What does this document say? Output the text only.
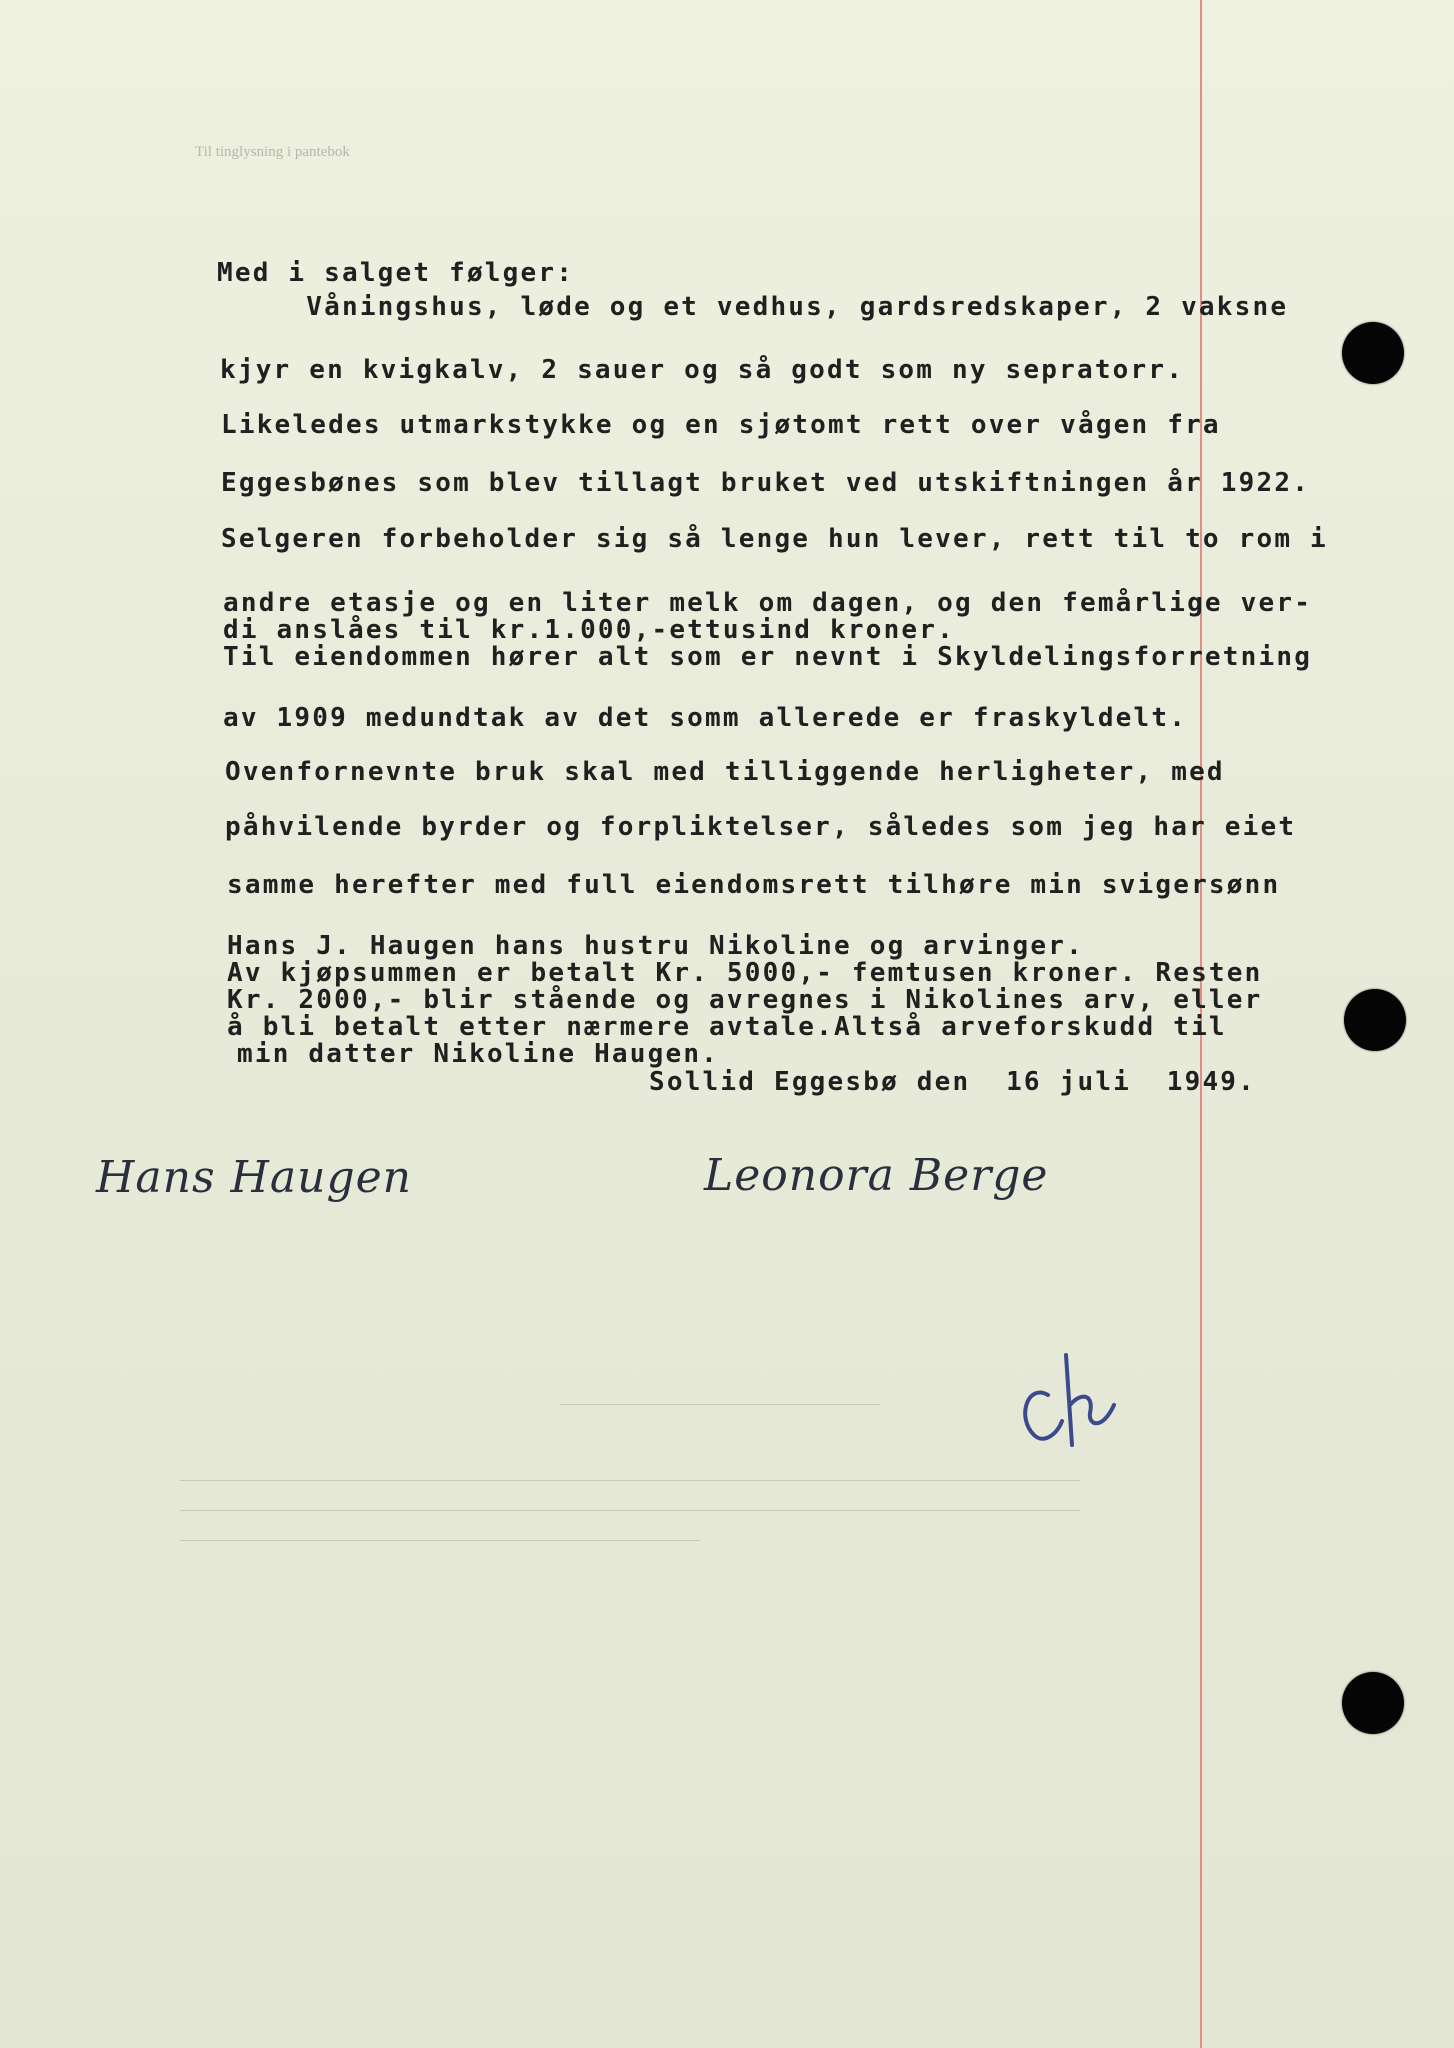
Til tinglysning i pantebok
Med i salget følger:
Våningshus, løde og et vedhus, gardsredskaper, 2 vaksne
kjyr en kvigkalv, 2 sauer og så godt som ny sepratorr.
Likeledes utmarkstykke og en sjøtomt rett over vågen fra
Eggesbønes som blev tillagt bruket ved utskiftningen år 1922.
Selgeren forbeholder sig så lenge hun lever, rett til to rom i
andre etasje og en liter melk om dagen, og den femårlige ver-
di anslåes til kr.1.000,-ettusind kroner.
Til eiendommen hører alt som er nevnt i Skyldelingsforretning
av 1909 medundtak av det somm allerede er fraskyldelt.
Ovenfornevnte bruk skal med tilliggende herligheter, med
påhvilende byrder og forpliktelser, således som jeg har eiet
samme herefter med full eiendomsrett tilhøre min svigersønn
Hans J. Haugen hans hustru Nikoline og arvinger.
Av kjøpsummen er betalt Kr. 5000,- femtusen kroner. Resten
Kr. 2000,- blir stående og avregnes i Nikolines arv, eller
å bli betalt etter nærmere avtale.Altså arveforskudd til
min datter Nikoline Haugen.
Sollid Eggesbø den  16 juli  1949.
Hans Haugen	Leonora Berge
